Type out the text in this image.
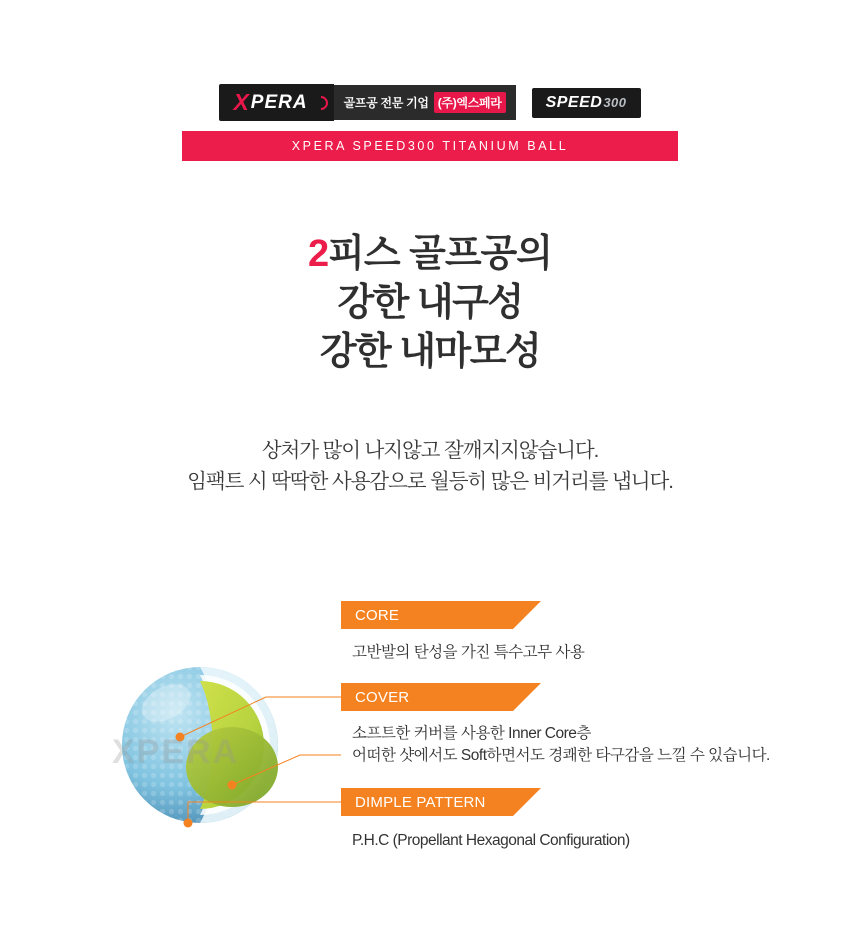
X PERA	골프공 전문 기업 (주)엑스페라	SPEED 300
XPERA SPEED300 TITANIUM BALL
2피스 골프공의
강한 내구성
강한 내마모성
상처가 많이 나지않고 잘깨지지않습니다.
임팩트 시 딱딱한 사용감으로 월등히 많은 비거리를 냅니다.
XPERA
CORE
고반발의 탄성을 가진 특수고무 사용
COVER
소프트한 커버를 사용한 Inner Core층
어떠한 샷에서도 Soft하면서도 경쾌한 타구감을 느낄 수 있습니다.
DIMPLE PATTERN
P.H.C (Propellant Hexagonal Configuration)
